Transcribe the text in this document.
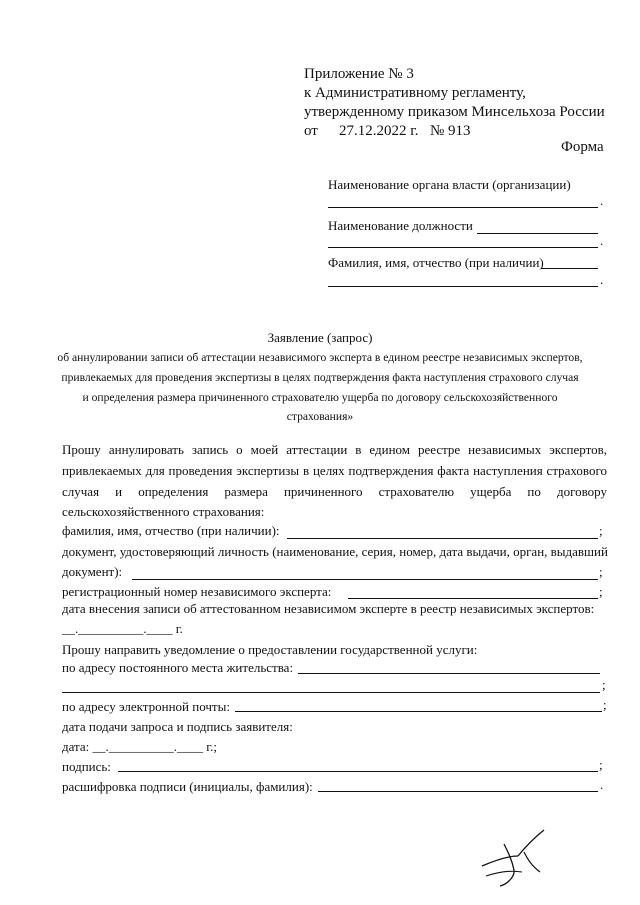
Приложение № 3
к Административному регламенту,
утвержденному приказом Минсельхоза России
от 27.12.2022 г. № 913
Форма
Наименование органа власти (организации)
.
Наименование должности
.
Фамилия, имя, отчество (при наличии)
.
Заявление (запрос)
об аннулировании записи об аттестации независимого эксперта в едином реестре независимых экспертов,
привлекаемых для проведения экспертизы в целях подтверждения факта наступления страхового случая
и определения размера причиненного страхователю ущерба по договору сельскохозяйственного
страхования»
Прошу аннулировать запись о моей аттестации в едином реестре независимых экспертов,
привлекаемых для проведения экспертизы в целях подтверждения факта наступления страхового
случая и определения размера причиненного страхователю ущерба по договору
сельскохозяйственного страхования:
фамилия, имя, отчество (при наличии):	;
документ, удостоверяющий личность (наименование, серия, номер, дата выдачи, орган, выдавший
документ):	;
регистрационный номер независимого эксперта:	;
дата внесения записи об аттестованном независимом эксперте в реестр независимых экспертов:
__.__________.____ г.
Прошу направить уведомление о предоставлении государственной услуги:
по адресу постоянного места жительства:
;
по адресу электронной почты:	;
дата подачи запроса и подпись заявителя:
дата: __.__________.____ г.;
подпись:	;
расшифровка подписи (инициалы, фамилия):	.
